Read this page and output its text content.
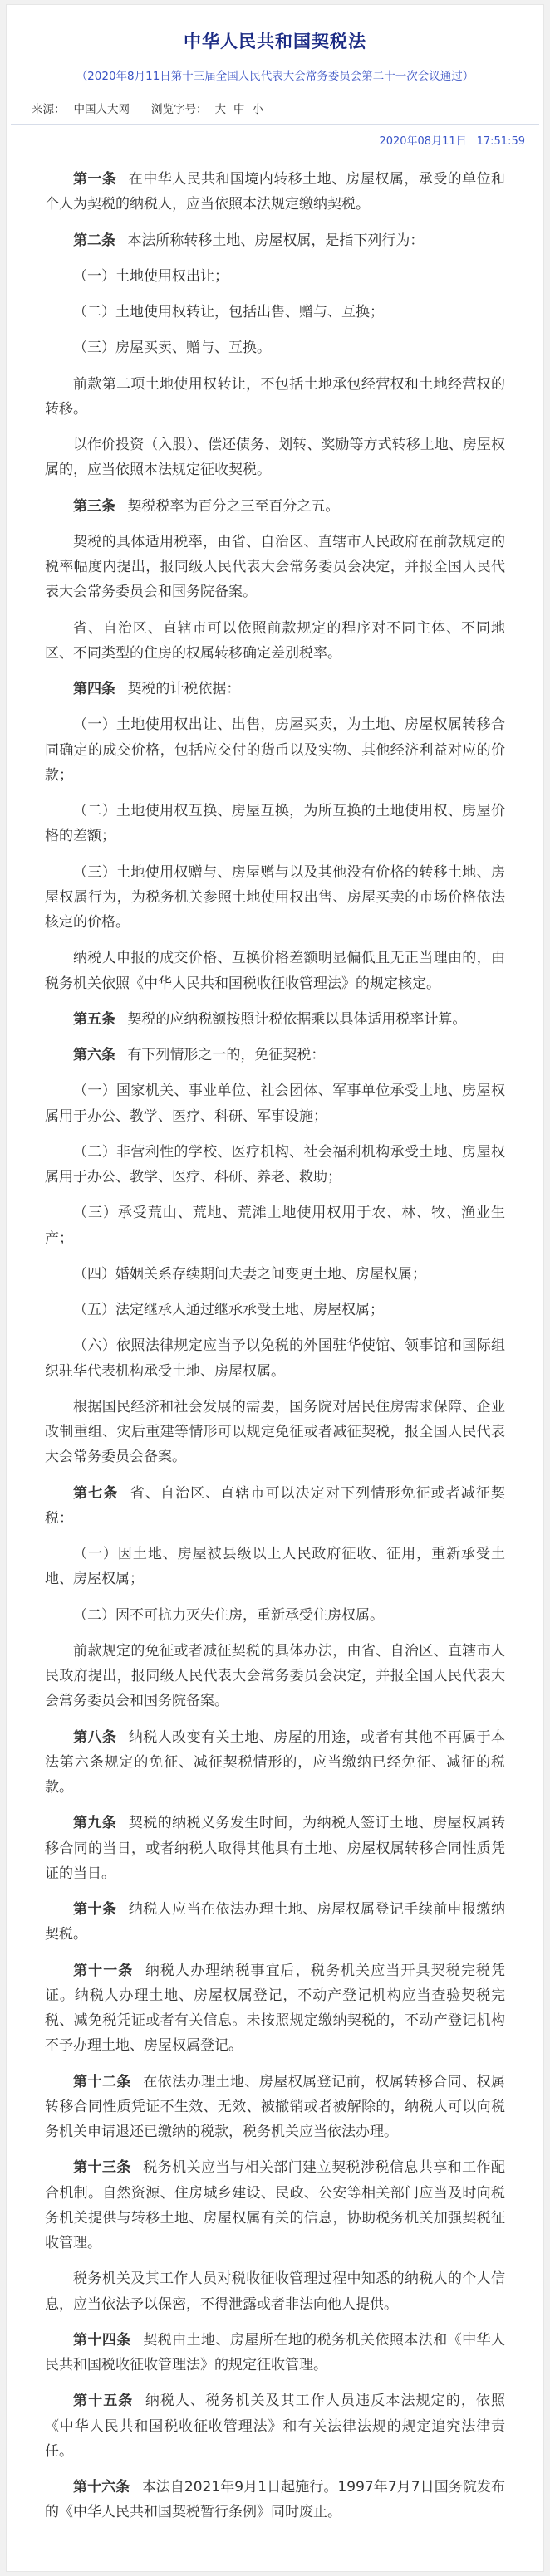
中华人民共和国契税法
（2020年8月11日第十三届全国人民代表大会常务委员会第二十一次会议通过）
来源： 中国人大网 浏览字号： 大 中 小
2020年08月11日 17:51:59

第一条 在中华人民共和国境内转移土地、房屋权属，承受的单位和个人为契税的纳税人，应当依照本法规定缴纳契税。

第二条 本法所称转移土地、房屋权属，是指下列行为：

（一）土地使用权出让；

（二）土地使用权转让，包括出售、赠与、互换；

（三）房屋买卖、赠与、互换。

前款第二项土地使用权转让，不包括土地承包经营权和土地经营权的转移。

以作价投资（入股）、偿还债务、划转、奖励等方式转移土地、房屋权属的，应当依照本法规定征收契税。

第三条 契税税率为百分之三至百分之五。

契税的具体适用税率，由省、自治区、直辖市人民政府在前款规定的税率幅度内提出，报同级人民代表大会常务委员会决定，并报全国人民代表大会常务委员会和国务院备案。

省、自治区、直辖市可以依照前款规定的程序对不同主体、不同地区、不同类型的住房的权属转移确定差别税率。

第四条 契税的计税依据：

（一）土地使用权出让、出售，房屋买卖，为土地、房屋权属转移合同确定的成交价格，包括应交付的货币以及实物、其他经济利益对应的价款；

（二）土地使用权互换、房屋互换，为所互换的土地使用权、房屋价格的差额；

（三）土地使用权赠与、房屋赠与以及其他没有价格的转移土地、房屋权属行为，为税务机关参照土地使用权出售、房屋买卖的市场价格依法核定的价格。

纳税人申报的成交价格、互换价格差额明显偏低且无正当理由的，由税务机关依照《中华人民共和国税收征收管理法》的规定核定。

第五条 契税的应纳税额按照计税依据乘以具体适用税率计算。

第六条 有下列情形之一的，免征契税：

（一）国家机关、事业单位、社会团体、军事单位承受土地、房屋权属用于办公、教学、医疗、科研、军事设施；

（二）非营利性的学校、医疗机构、社会福利机构承受土地、房屋权属用于办公、教学、医疗、科研、养老、救助；

（三）承受荒山、荒地、荒滩土地使用权用于农、林、牧、渔业生产；

（四）婚姻关系存续期间夫妻之间变更土地、房屋权属；

（五）法定继承人通过继承承受土地、房屋权属；

（六）依照法律规定应当予以免税的外国驻华使馆、领事馆和国际组织驻华代表机构承受土地、房屋权属。

根据国民经济和社会发展的需要，国务院对居民住房需求保障、企业改制重组、灾后重建等情形可以规定免征或者减征契税，报全国人民代表大会常务委员会备案。

第七条 省、自治区、直辖市可以决定对下列情形免征或者减征契税：

（一）因土地、房屋被县级以上人民政府征收、征用，重新承受土地、房屋权属；

（二）因不可抗力灭失住房，重新承受住房权属。

前款规定的免征或者减征契税的具体办法，由省、自治区、直辖市人民政府提出，报同级人民代表大会常务委员会决定，并报全国人民代表大会常务委员会和国务院备案。

第八条 纳税人改变有关土地、房屋的用途，或者有其他不再属于本法第六条规定的免征、减征契税情形的，应当缴纳已经免征、减征的税款。

第九条 契税的纳税义务发生时间，为纳税人签订土地、房屋权属转移合同的当日，或者纳税人取得其他具有土地、房屋权属转移合同性质凭证的当日。

第十条 纳税人应当在依法办理土地、房屋权属登记手续前申报缴纳契税。

第十一条 纳税人办理纳税事宜后，税务机关应当开具契税完税凭证。纳税人办理土地、房屋权属登记，不动产登记机构应当查验契税完税、减免税凭证或者有关信息。未按照规定缴纳契税的，不动产登记机构不予办理土地、房屋权属登记。

第十二条 在依法办理土地、房屋权属登记前，权属转移合同、权属转移合同性质凭证不生效、无效、被撤销或者被解除的，纳税人可以向税务机关申请退还已缴纳的税款，税务机关应当依法办理。

第十三条 税务机关应当与相关部门建立契税涉税信息共享和工作配合机制。自然资源、住房城乡建设、民政、公安等相关部门应当及时向税务机关提供与转移土地、房屋权属有关的信息，协助税务机关加强契税征收管理。

税务机关及其工作人员对税收征收管理过程中知悉的纳税人的个人信息，应当依法予以保密，不得泄露或者非法向他人提供。

第十四条 契税由土地、房屋所在地的税务机关依照本法和《中华人民共和国税收征收管理法》的规定征收管理。

第十五条 纳税人、税务机关及其工作人员违反本法规定的，依照《中华人民共和国税收征收管理法》和有关法律法规的规定追究法律责任。

第十六条 本法自2021年9月1日起施行。1997年7月7日国务院发布的《中华人民共和国契税暂行条例》同时废止。
